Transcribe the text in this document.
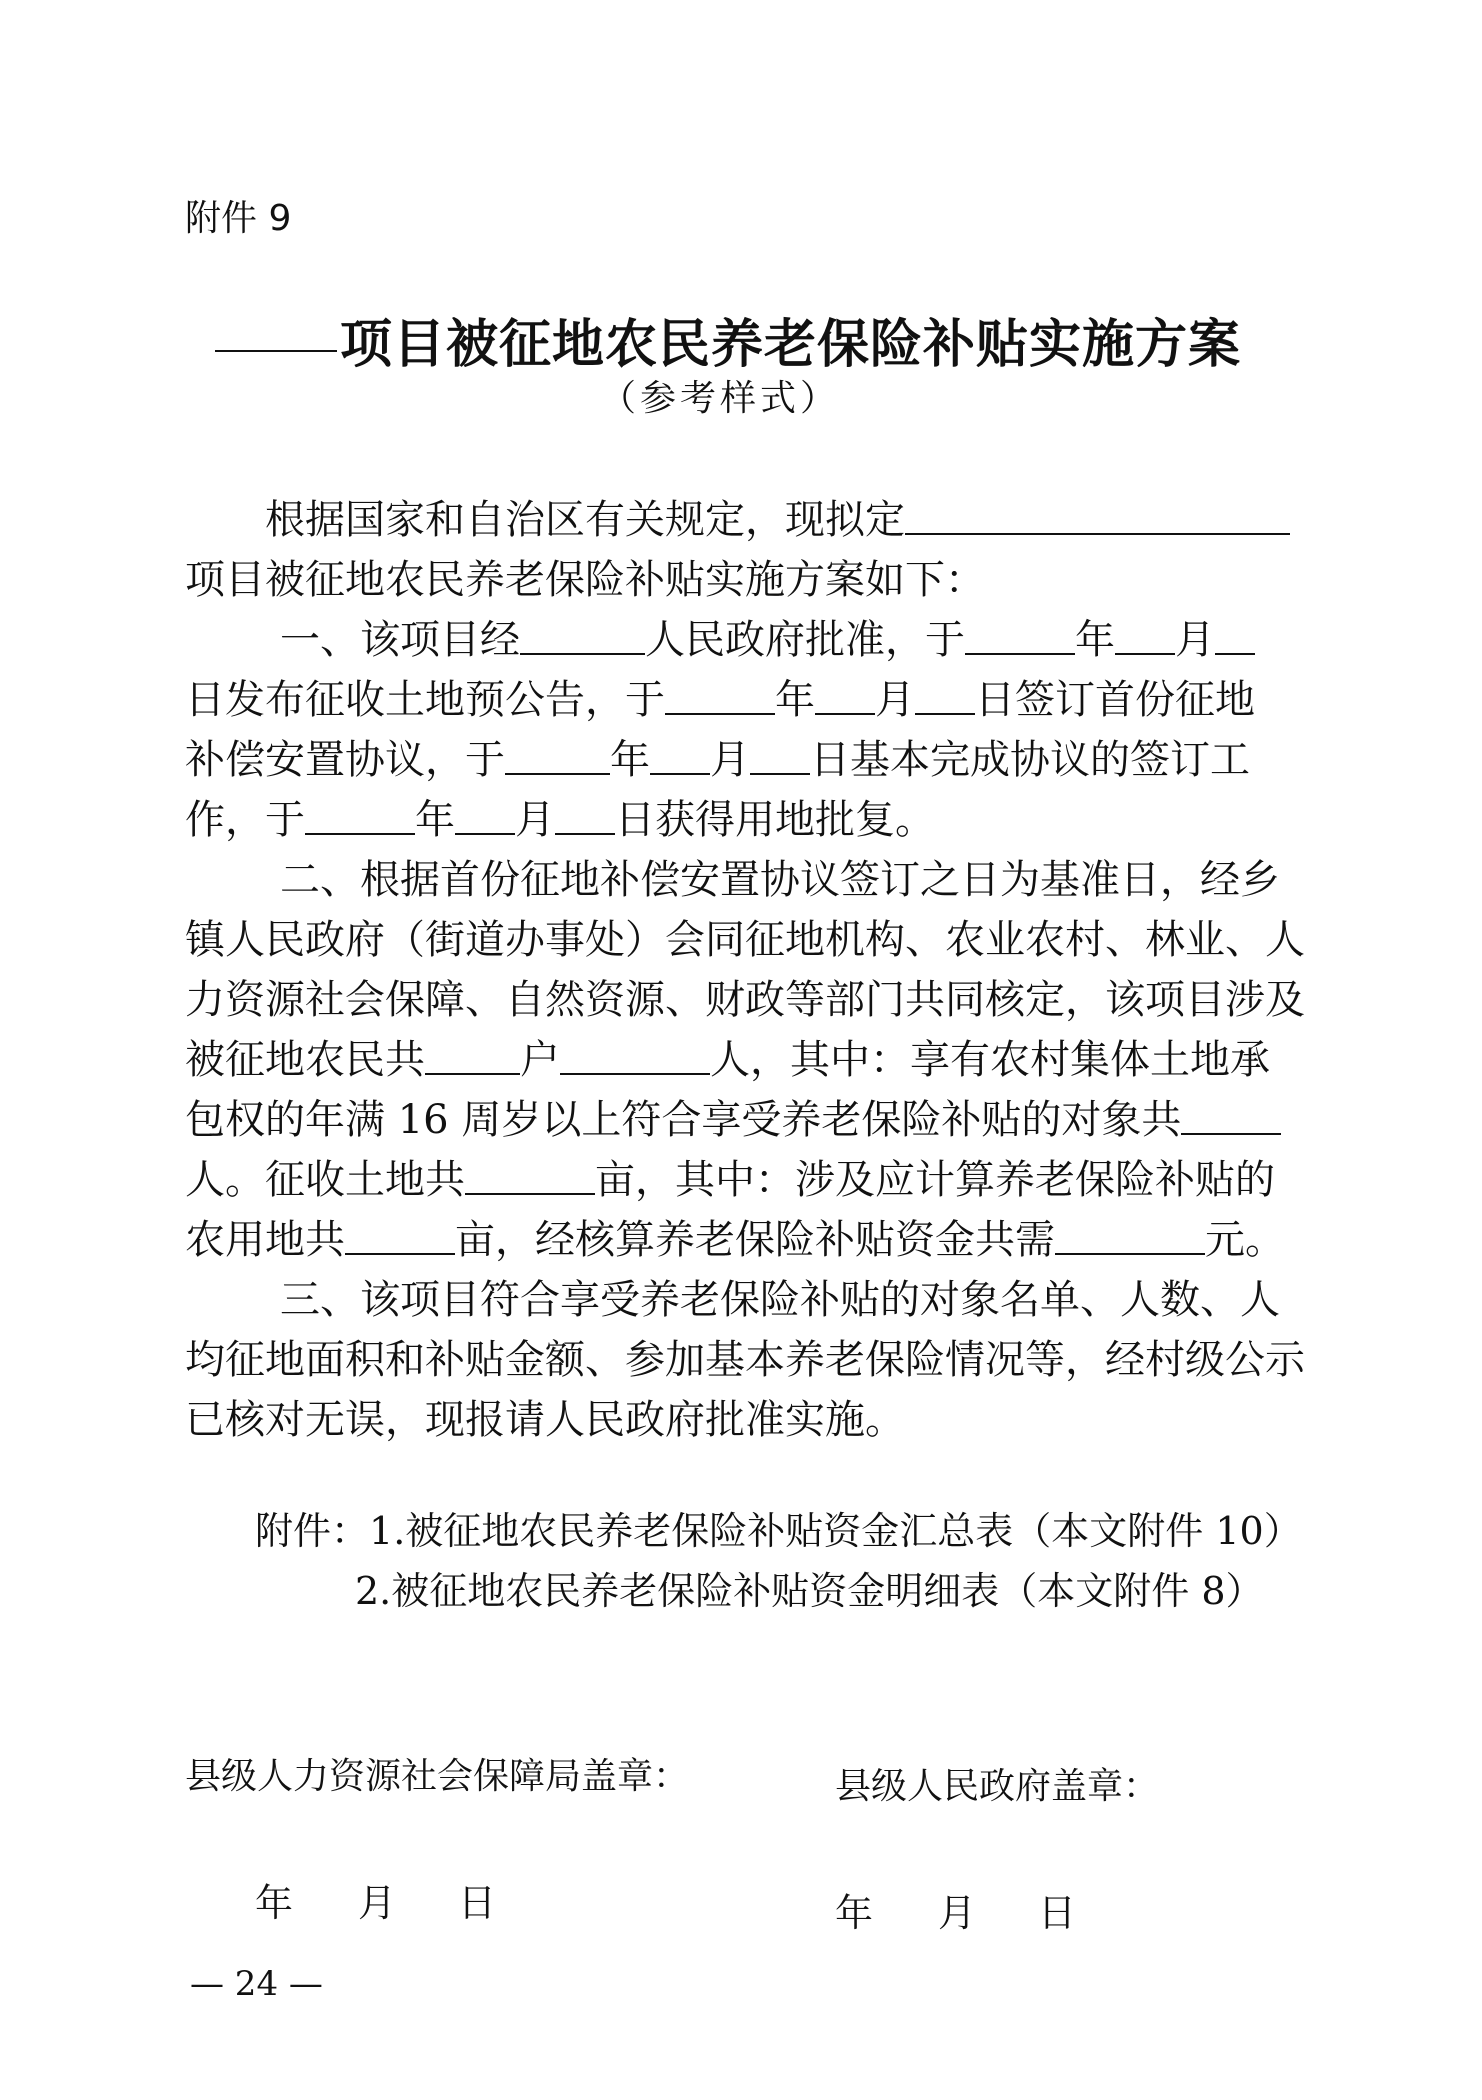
附件 9
项目被征地农民养老保险补贴实施方案
（参考样式）
根据国家和自治区有关规定，现拟定
项目被征地农民养老保险补贴实施方案如下：
一、该项目经	人民政府批准，于	年 月
日发布征收土地预公告，于	年 月 日签订首份征地
补偿安置协议，于	年 月 日基本完成协议的签订工
作，于	年 月 日获得用地批复。
二、根据首份征地补偿安置协议签订之日为基准日，经乡
镇人民政府（街道办事处）会同征地机构、农业农村、林业、人
力资源社会保障、自然资源、财政等部门共同核定，该项目涉及
被征地农民共 户	人，其中：享有农村集体土地承
包权的年满 16 周岁以上符合享受养老保险补贴的对象共
人。征收土地共	亩，其中：涉及应计算养老保险补贴的
农用地共	亩，经核算养老保险补贴资金共需	元。
三、该项目符合享受养老保险补贴的对象名单、人数、人
均征地面积和补贴金额、参加基本养老保险情况等，经村级公示
已核对无误，现报请人民政府批准实施。
附件：1.被征地农民养老保险补贴资金汇总表（本文附件 10）
2.被征地农民养老保险补贴资金明细表（本文附件 8）
县级人力资源社会保障局盖章：	县级人民政府盖章：
年 月 日	年 月 日
— 24 —
